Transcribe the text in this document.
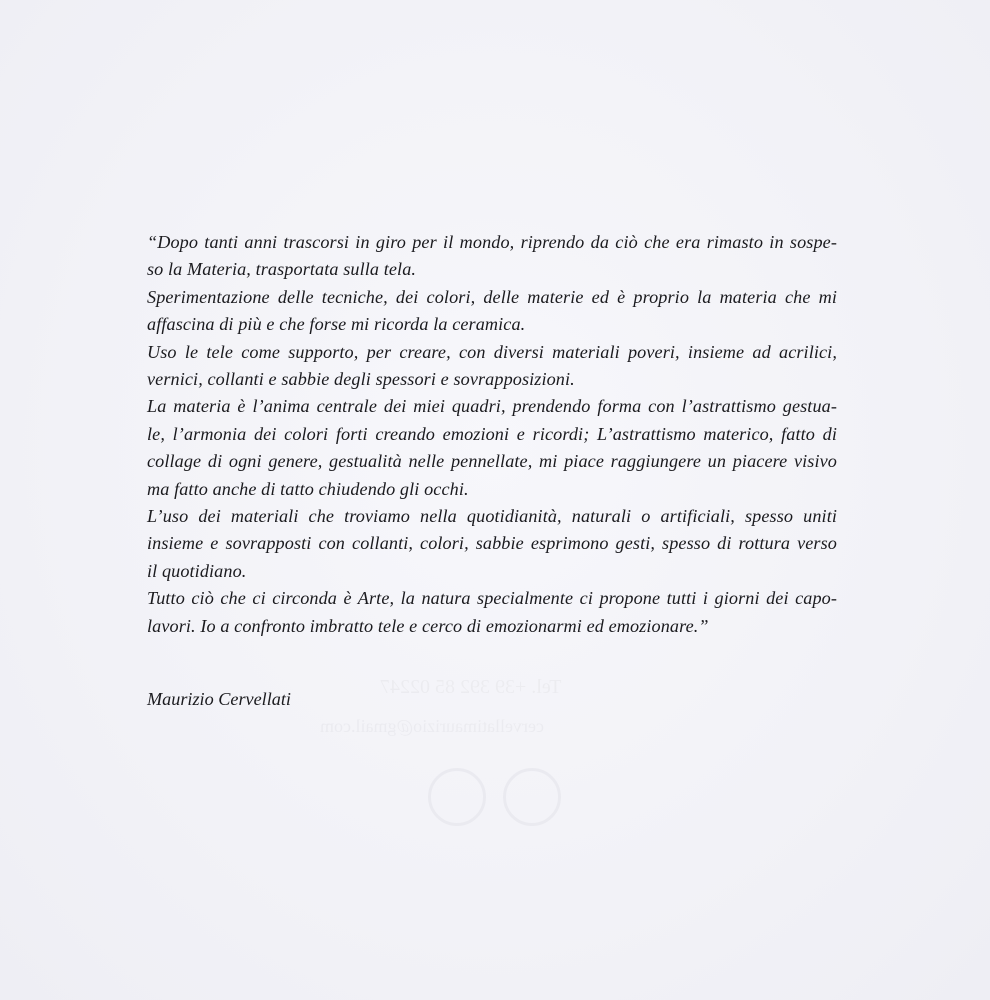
“Dopo tanti anni trascorsi in giro per il mondo, riprendo da ciò che era rimasto in sospe-
so la Materia, trasportata sulla tela.
Sperimentazione delle tecniche, dei colori, delle materie ed è proprio la materia che mi
affascina di più e che forse mi ricorda la ceramica.
Uso le tele come supporto, per creare, con diversi materiali poveri, insieme ad acrilici,
vernici, collanti e sabbie degli spessori e sovrapposizioni.
La materia è l’anima centrale dei miei quadri, prendendo forma con l’astrattismo gestua-
le, l’armonia dei colori forti creando emozioni e ricordi; L’astrattismo materico, fatto di
collage di ogni genere, gestualità nelle pennellate, mi piace raggiungere un piacere visivo
ma fatto anche di tatto chiudendo gli occhi.
L’uso dei materiali che troviamo nella quotidianità, naturali o artificiali, spesso uniti
insieme e sovrapposti con collanti, colori, sabbie esprimono gesti, spesso di rottura verso
il quotidiano.
Tutto ciò che ci circonda è Arte, la natura specialmente ci propone tutti i giorni dei capo-
lavori. Io a confronto imbratto tele e cerco di emozionarmi ed emozionare.”

Maurizio Cervellati
